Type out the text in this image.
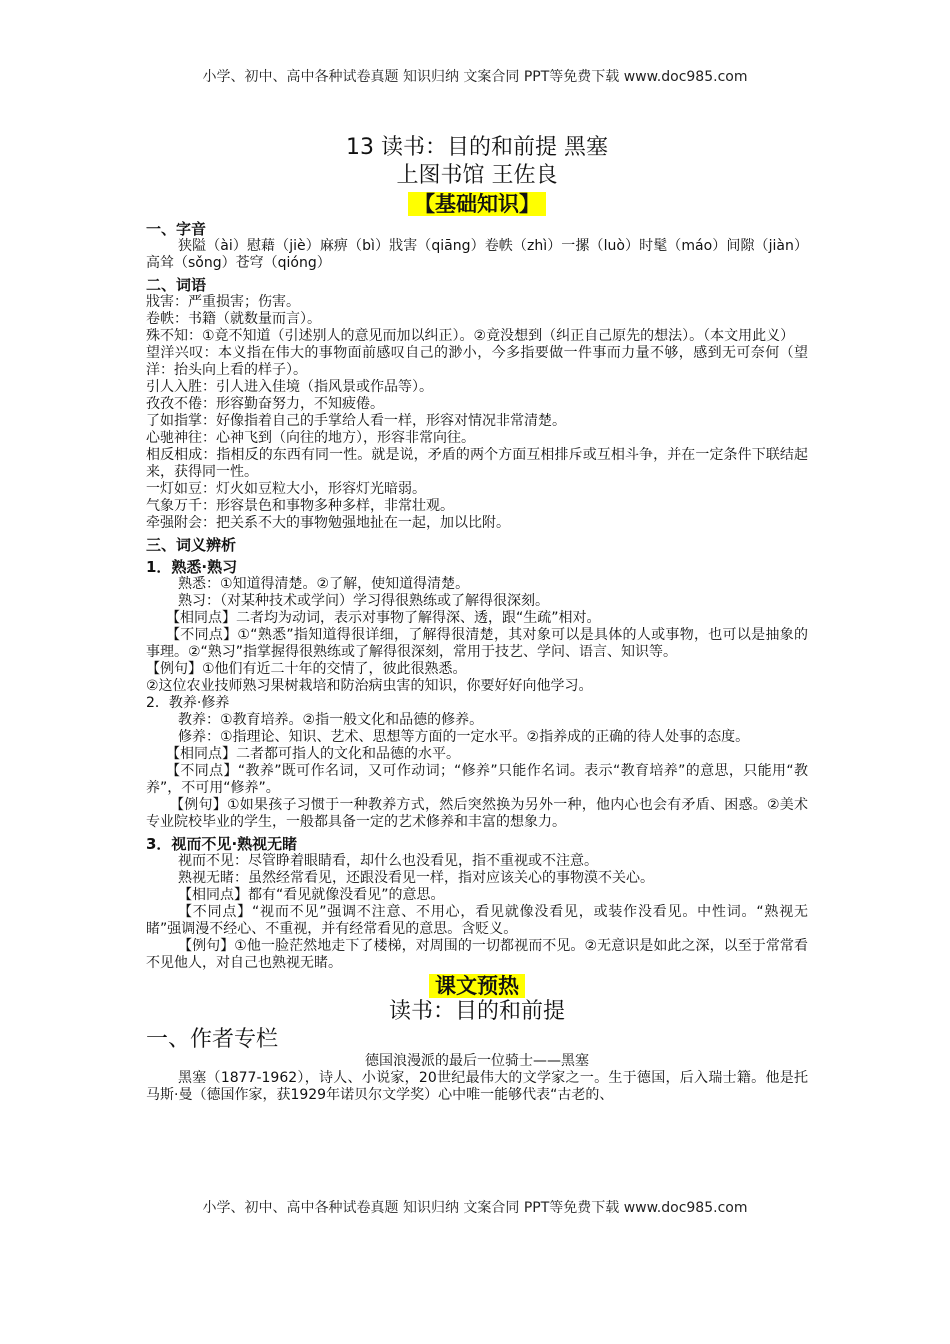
小学、初中、高中各种试卷真题 知识归纳 文案合同 PPT等免费下载 www.doc985.com
13 读书：目的和前提 黑塞
上图书馆 王佐良
【基础知识】
一、字音

狭隘（ài）慰藉（jiè）麻痹（bì）戕害（qiāng）卷帙（zhì）一摞（luò）时髦（máo）间隙（jiàn）高耸（sǒng）苍穹（qióng）

二、词语

戕害：严重损害；伤害。

卷帙：书籍（就数量而言）。

殊不知：①竟不知道（引述别人的意见而加以纠正）。②竟没想到（纠正自己原先的想法）。（本文用此义）

望洋兴叹：本义指在伟大的事物面前感叹自己的渺小，今多指要做一件事而力量不够，感到无可奈何（望洋：抬头向上看的样子）。

引人入胜：引人进入佳境（指风景或作品等）。

孜孜不倦：形容勤奋努力，不知疲倦。

了如指掌：好像指着自己的手掌给人看一样，形容对情况非常清楚。

心驰神往：心神飞到（向往的地方），形容非常向往。

相反相成：指相反的东西有同一性。就是说，矛盾的两个方面互相排斥或互相斗争，并在一定条件下联结起来，获得同一性。

一灯如豆：灯火如豆粒大小，形容灯光暗弱。

气象万千：形容景色和事物多种多样，非常壮观。

牵强附会：把关系不大的事物勉强地扯在一起，加以比附。

三、词义辨析
1．熟悉·熟习

熟悉：①知道得清楚。②了解，使知道得清楚。

熟习：（对某种技术或学问）学习得很熟练或了解得很深刻。

【相同点】二者均为动词，表示对事物了解得深、透，跟“生疏”相对。

【不同点】①“熟悉”指知道得很详细，了解得很清楚，其对象可以是具体的人或事物，也可以是抽象的事理。②“熟习”指掌握得很熟练或了解得很深刻，常用于技艺、学问、语言、知识等。

【例句】①他们有近二十年的交情了，彼此很熟悉。

②这位农业技师熟习果树栽培和防治病虫害的知识，你要好好向他学习。

2．教养·修养

教养：①教育培养。②指一般文化和品德的修养。

修养：①指理论、知识、艺术、思想等方面的一定水平。②指养成的正确的待人处事的态度。

【相同点】二者都可指人的文化和品德的水平。

【不同点】“教养”既可作名词，又可作动词；“修养”只能作名词。表示“教育培养”的意思，只能用“教养”，不可用“修养”。

【例句】①如果孩子习惯于一种教养方式，然后突然换为另外一种，他内心也会有矛盾、困惑。②美术专业院校毕业的学生，一般都具备一定的艺术修养和丰富的想象力。

3．视而不见·熟视无睹

视而不见：尽管睁着眼睛看，却什么也没看见，指不重视或不注意。

熟视无睹：虽然经常看见，还跟没看见一样，指对应该关心的事物漠不关心。

【相同点】都有“看见就像没看见”的意思。

【不同点】“视而不见”强调不注意、不用心，看见就像没看见，或装作没看见。中性词。“熟视无睹”强调漫不经心、不重视，并有经常看见的意思。含贬义。

【例句】①他一脸茫然地走下了楼梯，对周围的一切都视而不见。②无意识是如此之深，以至于常常看不见他人，对自己也熟视无睹。

课文预热
读书：目的和前提
一、作者专栏
德国浪漫派的最后一位骑士——黑塞

黑塞（1877-1962），诗人、小说家，20世纪最伟大的文学家之一。生于德国，后入瑞士籍。他是托马斯·曼（德国作家，获1929年诺贝尔文学奖）心中唯一能够代表“古老的、

小学、初中、高中各种试卷真题 知识归纳 文案合同 PPT等免费下载 www.doc985.com
